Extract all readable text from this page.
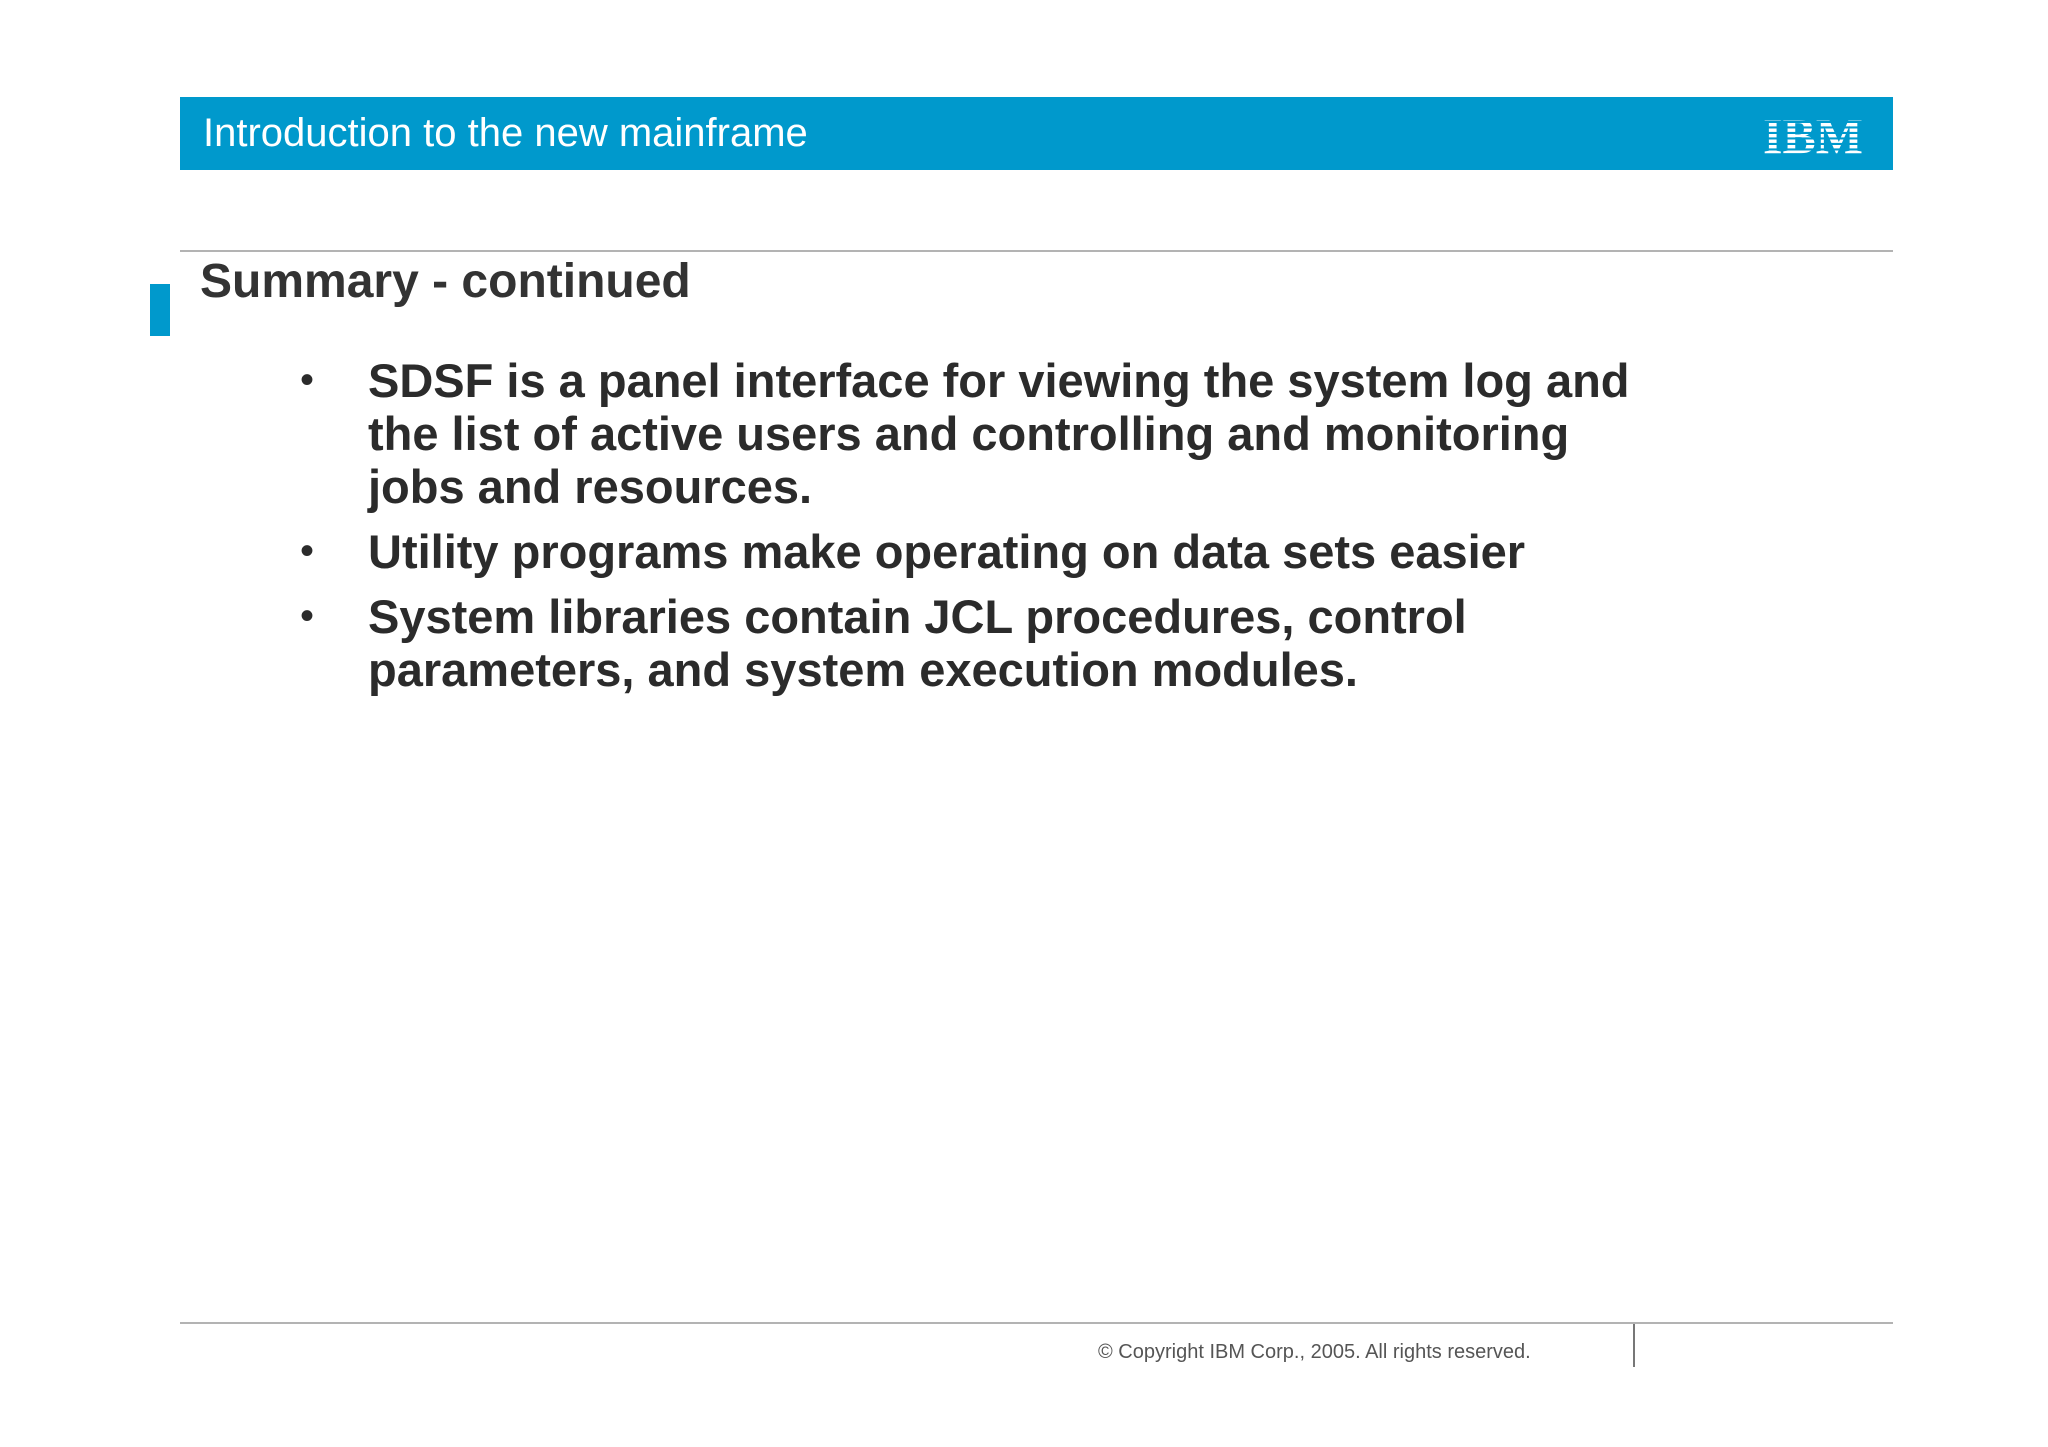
Introduction to the new mainframe	IBM
Summary - continued
• SDSF is a panel interface for viewing the system log and the list of active users and controlling and monitoring jobs and resources.
• Utility programs make operating on data sets easier
• System libraries contain JCL procedures, control parameters, and system execution modules.
© Copyright IBM Corp., 2005. All rights reserved.
